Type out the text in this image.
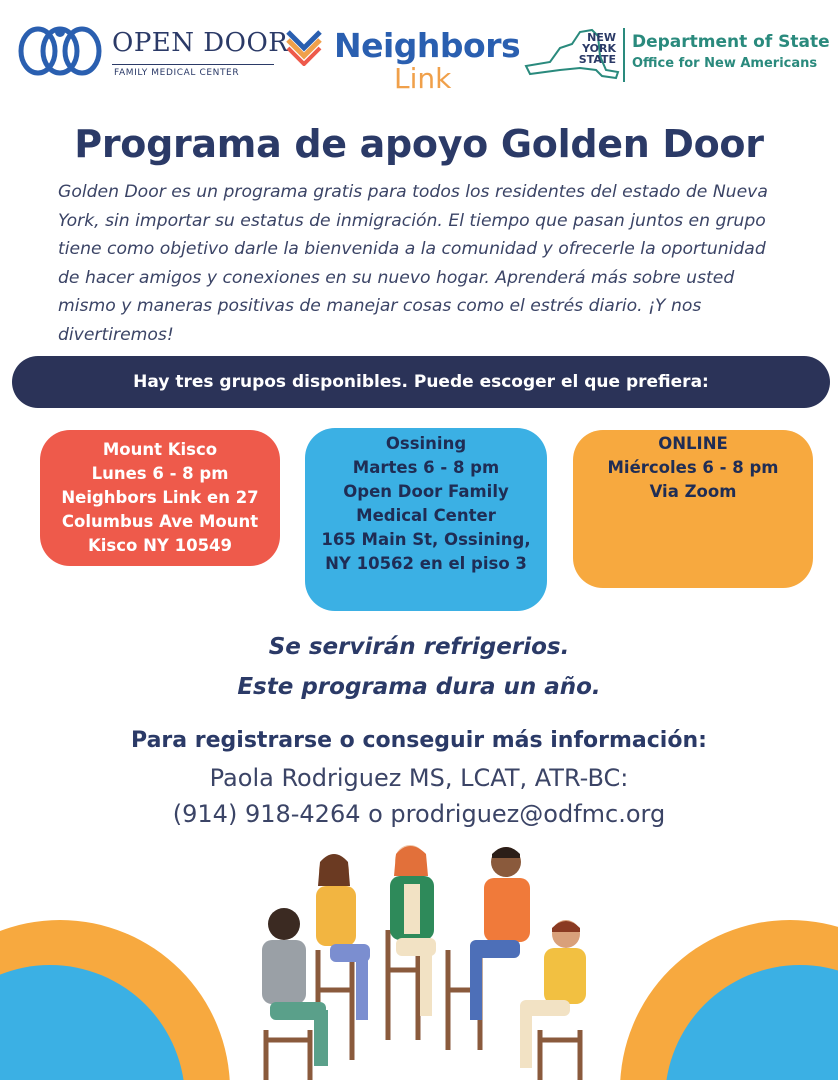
OPEN DOOR
FAMILY MEDICAL CENTER
Neighbors
Link
NEW
YORK
STATE
Department of State
Office for New Americans
Programa de apoyo Golden Door
Golden Door es un programa gratis para todos los residentes del estado de Nueva York, sin importar su estatus de inmigración. El tiempo que pasan juntos en grupo tiene como objetivo darle la bienvenida a la comunidad y ofrecerle la oportunidad de hacer amigos y conexiones en su nuevo hogar. Aprenderá más sobre usted mismo y maneras positivas de manejar cosas como el estrés diario. ¡Y nos divertiremos!
Hay tres grupos disponibles. Puede escoger el que prefiera:
Mount Kisco
Lunes 6 - 8 pm
Neighbors Link en 27
Columbus Ave Mount
Kisco NY 10549
Ossining
Martes 6 - 8 pm
Open Door Family
Medical Center
165 Main St, Ossining,
NY 10562 en el piso 3
ONLINE
Miércoles 6 - 8 pm
Via Zoom
Se servirán refrigerios.
Este programa dura un año.
Para registrarse o conseguir más información:
Paola Rodriguez MS, LCAT, ATR-BC:
(914) 918-4264 o prodriguez@odfmc.org
